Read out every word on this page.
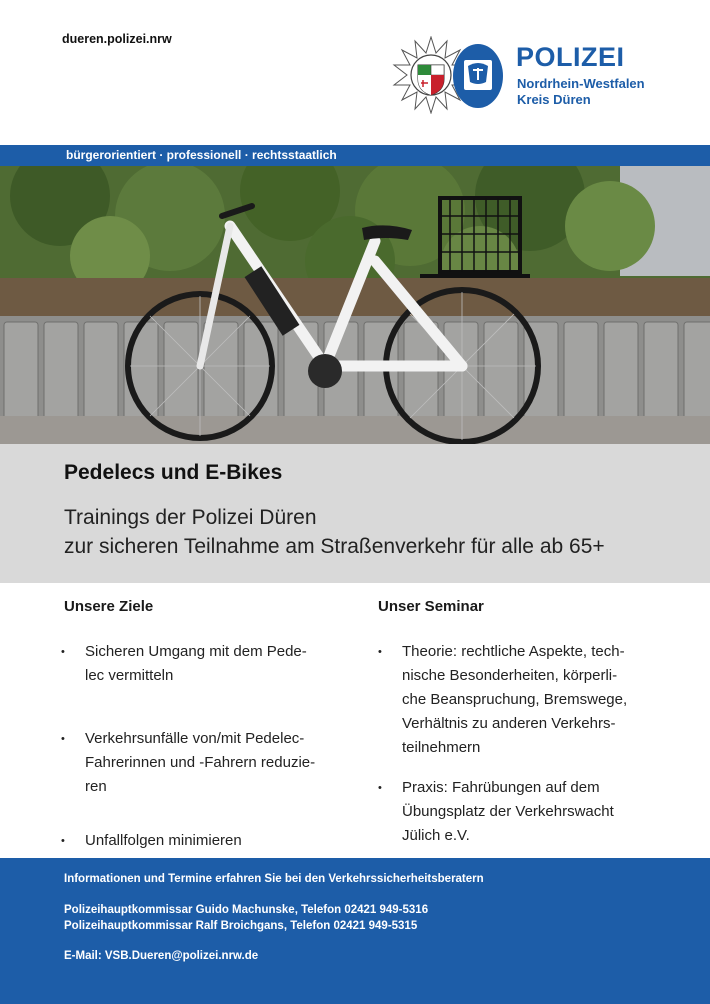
dueren.polizei.nrw
POLIZEI
Nordrhein-Westfalen
Kreis Düren
bürgerorientiert · professionell · rechtsstaatlich
Pedelecs und E-Bikes
Trainings der Polizei Düren
zur sicheren Teilnahme am Straßenverkehr für alle ab 65+
Unsere Ziele
• Sicheren Umgang mit dem Pede-
lec vermitteln
• Verkehrsunfälle von/mit Pedelec-
Fahrerinnen und -Fahrern reduzie-
ren
• Unfallfolgen minimieren
Unser Seminar
• Theorie: rechtliche Aspekte, tech-
nische Besonderheiten, körperli-
che Beanspruchung, Bremswege,
Verhältnis zu anderen Verkehrs-
teilnehmern
• Praxis: Fahrübungen auf dem
Übungsplatz der Verkehrswacht
Jülich e.V.
Informationen und Termine erfahren Sie bei den Verkehrssicherheitsberatern
Polizeihauptkommissar Guido Machunske, Telefon 02421 949-5316
Polizeihauptkommissar Ralf Broichgans, Telefon 02421 949-5315
E-Mail: VSB.Dueren@polizei.nrw.de
